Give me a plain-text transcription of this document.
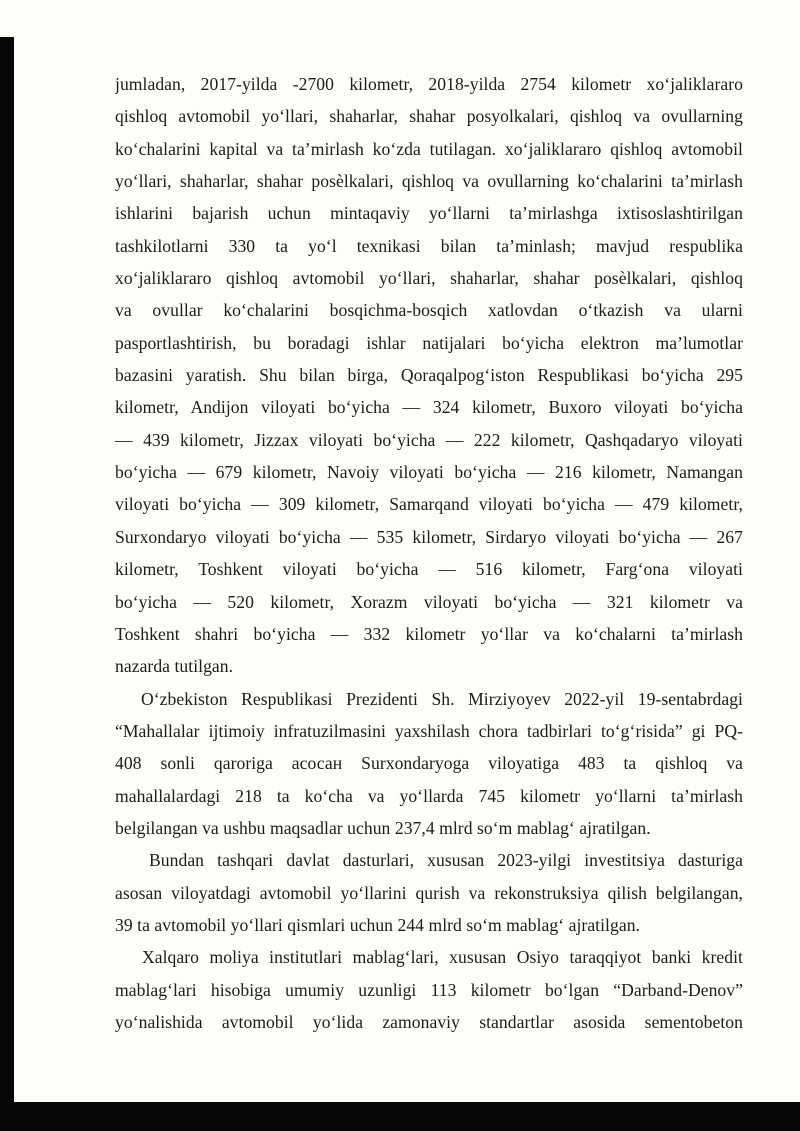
jumladan, 2017-yilda -2700 kilometr, 2018-yilda 2754 kilometr xo‘jaliklararo
qishloq avtomobil yo‘llari, shaharlar, shahar posyolkalari, qishloq va ovullarning
ko‘chalarini kapital va ta’mirlash ko‘zda tutilagan. xo‘jaliklararo qishloq avtomobil
yo‘llari, shaharlar, shahar posèlkalari, qishloq va ovullarning ko‘chalarini ta’mirlash
ishlarini bajarish uchun mintaqaviy yo‘llarni ta’mirlashga ixtisoslashtirilgan
tashkilotlarni 330 ta yo‘l texnikasi bilan ta’minlash; mavjud respublika
xo‘jaliklararo qishloq avtomobil yo‘llari, shaharlar, shahar posèlkalari, qishloq
va ovullar ko‘chalarini bosqichma-bosqich xatlovdan o‘tkazish va ularni
pasportlashtirish, bu boradagi ishlar natijalari bo‘yicha elektron ma’lumotlar
bazasini yaratish. Shu bilan birga, Qoraqalpog‘iston Respublikasi bo‘yicha 295
kilometr, Andijon viloyati bo‘yicha — 324 kilometr, Buxoro viloyati bo‘yicha
— 439 kilometr, Jizzax viloyati bo‘yicha — 222 kilometr, Qashqadaryo viloyati
bo‘yicha — 679 kilometr, Navoiy viloyati bo‘yicha — 216 kilometr, Namangan
viloyati bo‘yicha — 309 kilometr, Samarqand viloyati bo‘yicha — 479 kilometr,
Surxondaryo viloyati bo‘yicha — 535 kilometr, Sirdaryo viloyati bo‘yicha — 267
kilometr, Toshkent viloyati bo‘yicha — 516 kilometr, Farg‘ona viloyati
bo‘yicha — 520 kilometr, Xorazm viloyati bo‘yicha — 321 kilometr va
Toshkent shahri bo‘yicha — 332 kilometr yo‘llar va ko‘chalarni ta’mirlash
nazarda tutilgan.
O‘zbekiston Respublikasi Prezidenti Sh. Mirziyoyev 2022-yil 19-sentabrdagi
“Mahallalar ijtimoiy infratuzilmasini yaxshilash chora tadbirlari to‘g‘risida” gi PQ-
408 sonli qaroriga асосан Surxondaryoga viloyatiga 483 ta qishloq va
mahallalardagi 218 ta ko‘cha va yo‘llarda 745 kilometr yo‘llarni ta’mirlash
belgilangan va ushbu maqsadlar uchun 237,4 mlrd so‘m mablag‘ ajratilgan.
Bundan tashqari davlat dasturlari, xususan 2023-yilgi investitsiya dasturiga
asosan viloyatdagi avtomobil yo‘llarini qurish va rekonstruksiya qilish belgilangan,
39 ta avtomobil yo‘llari qismlari uchun 244 mlrd so‘m mablag‘ ajratilgan.
Xalqaro moliya institutlari mablag‘lari, xususan Osiyo taraqqiyot banki kredit
mablag‘lari hisobiga umumiy uzunligi 113 kilometr bo‘lgan “Darband-Denov”
yo‘nalishida avtomobil yo‘lida zamonaviy standartlar asosida sementobeton
